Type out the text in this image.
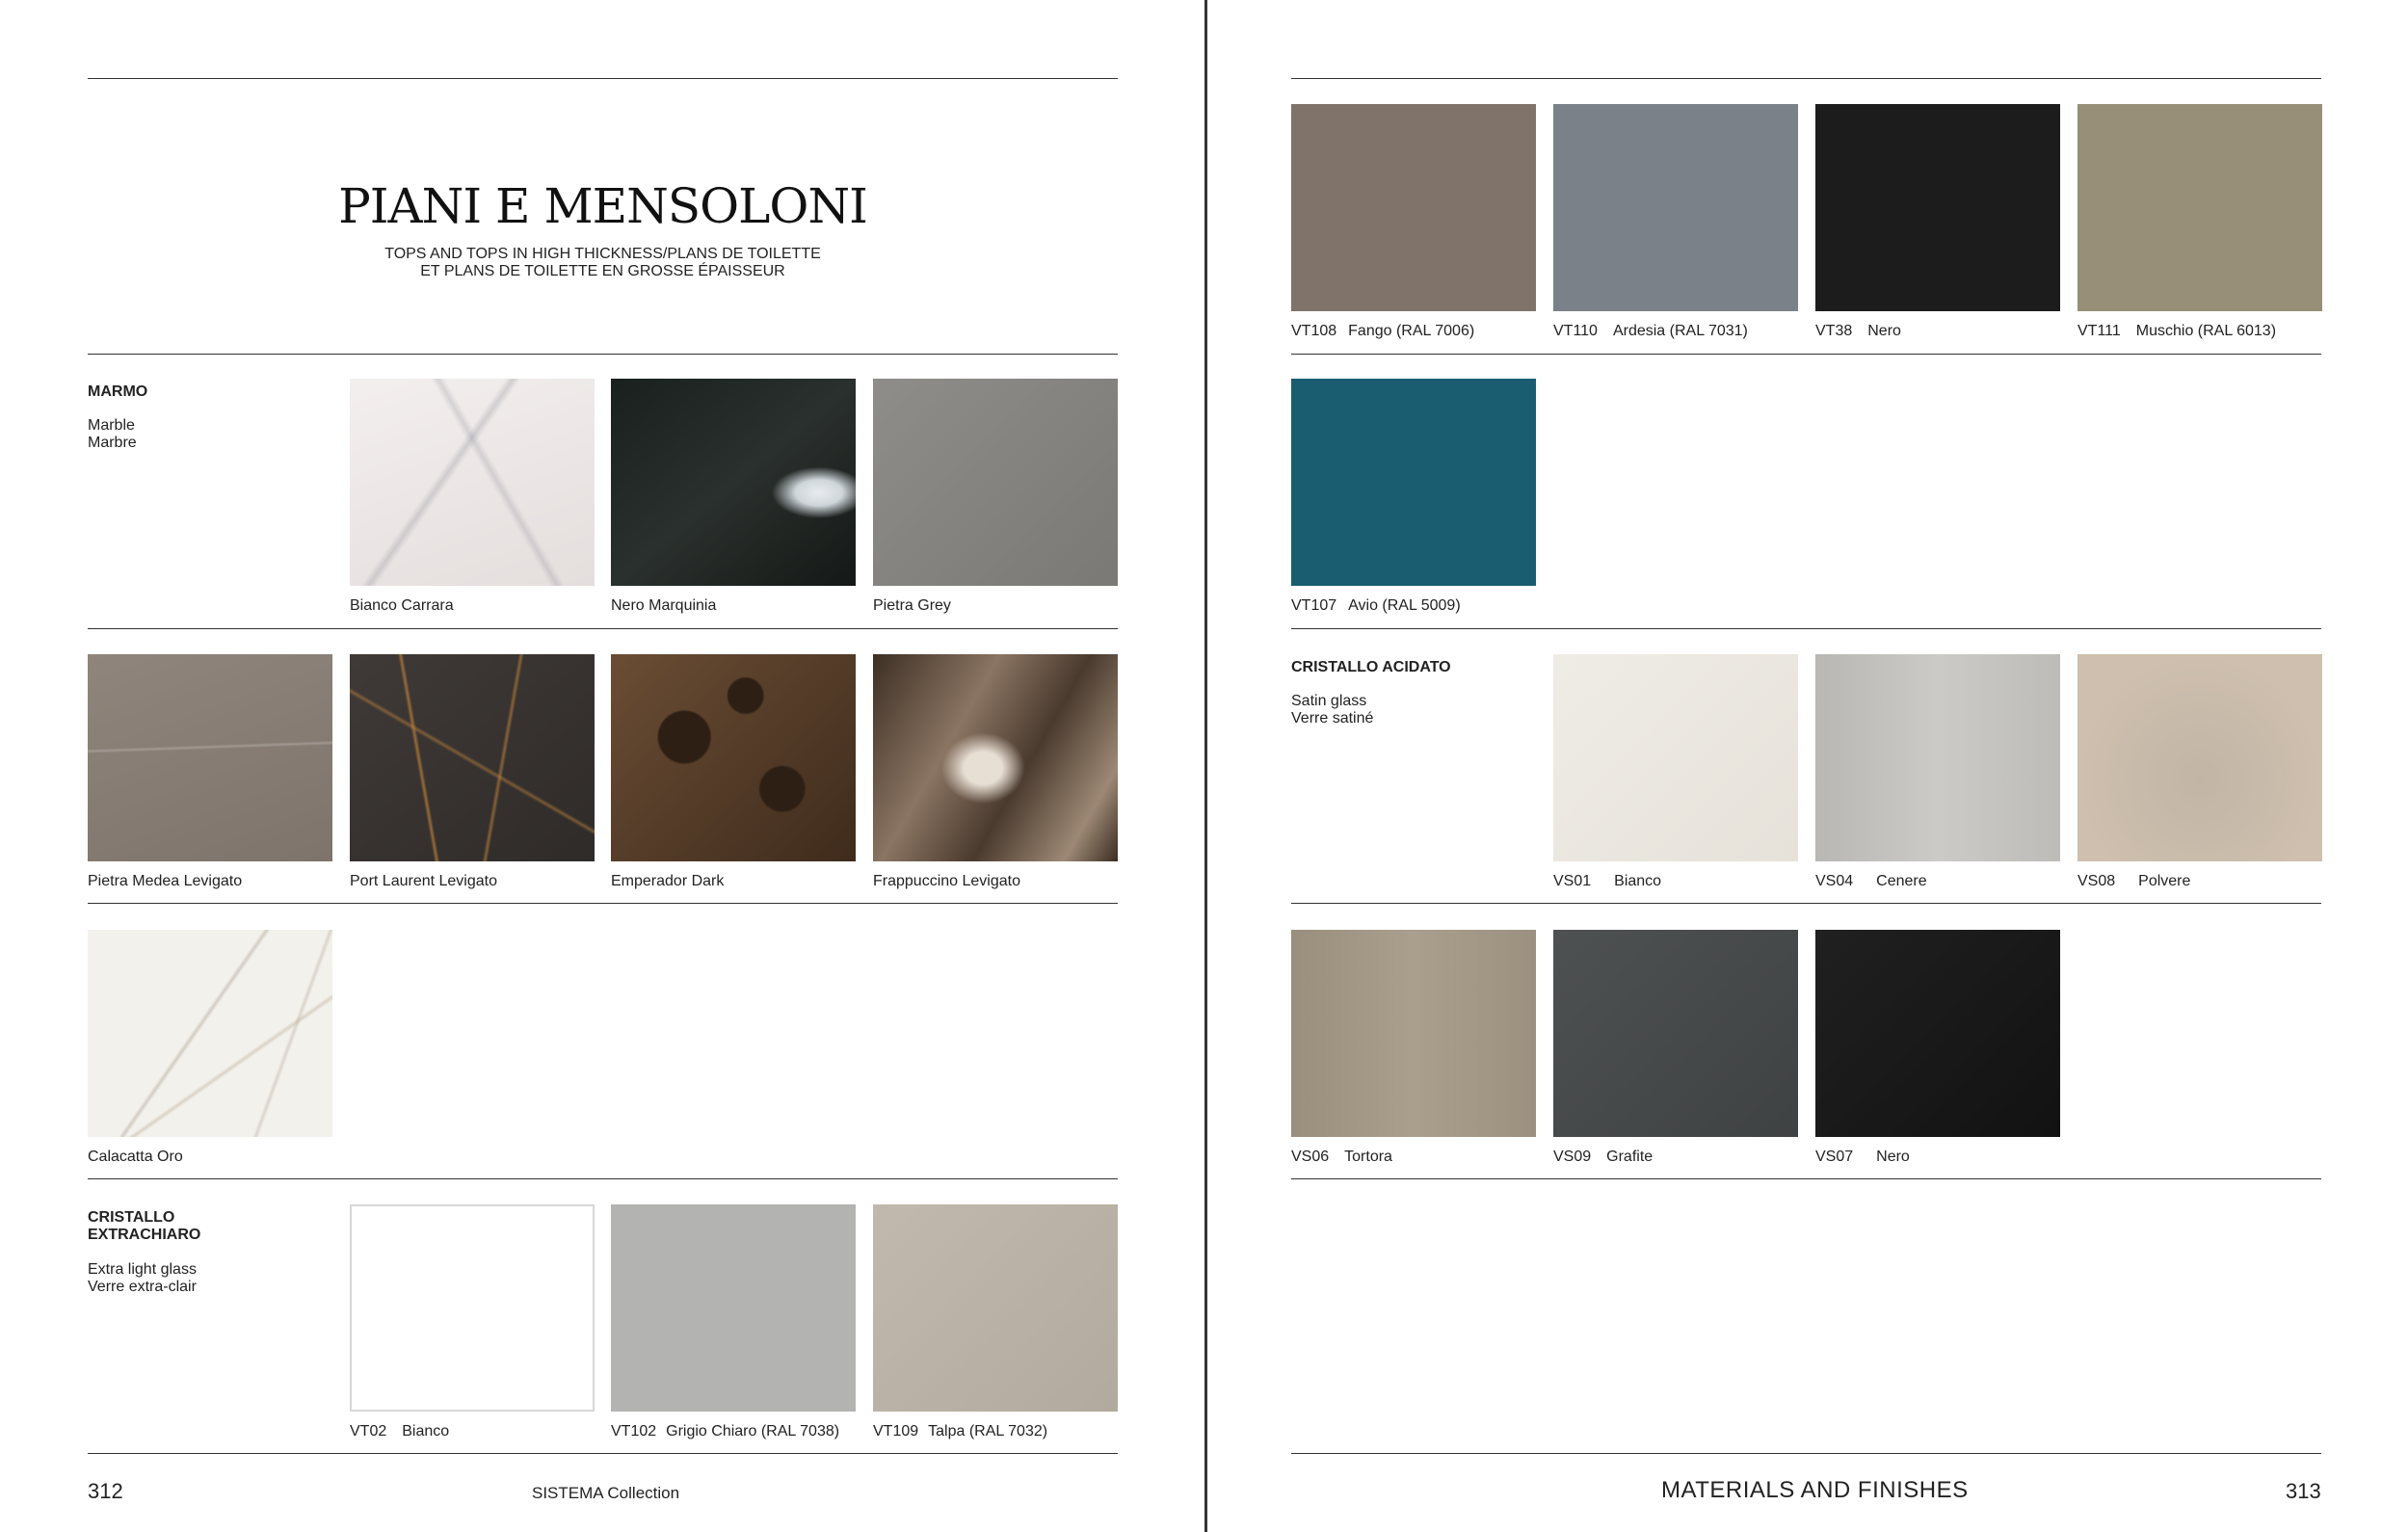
PIANI E MENSOLONI
TOPS AND TOPS IN HIGH THICKNESS/PLANS DE TOILETTE
ET PLANS DE TOILETTE EN GROSSE ÉPAISSEUR
MARMO
Marble
Marbre
Bianco Carrara	Nero Marquinia	Pietra Grey
Pietra Medea Levigato	Port Laurent Levigato	Emperador Dark	Frappuccino Levigato
Calacatta Oro
CRISTALLO
EXTRACHIARO
Extra light glass
Verre extra-clair
VT02 Bianco	VT102 Grigio Chiaro (RAL 7038)	VT109 Talpa (RAL 7032)
312	SISTEMA Collection
VT108 Fango (RAL 7006)	VT110 Ardesia (RAL 7031)	VT38 Nero	VT111 Muschio (RAL 6013)
VT107 Avio (RAL 5009)
CRISTALLO ACIDATO
Satin glass
Verre satiné
VS01 Bianco	VS04 Cenere	VS08 Polvere
VS06 Tortora	VS09 Grafite	VS07 Nero
MATERIALS AND FINISHES	313
